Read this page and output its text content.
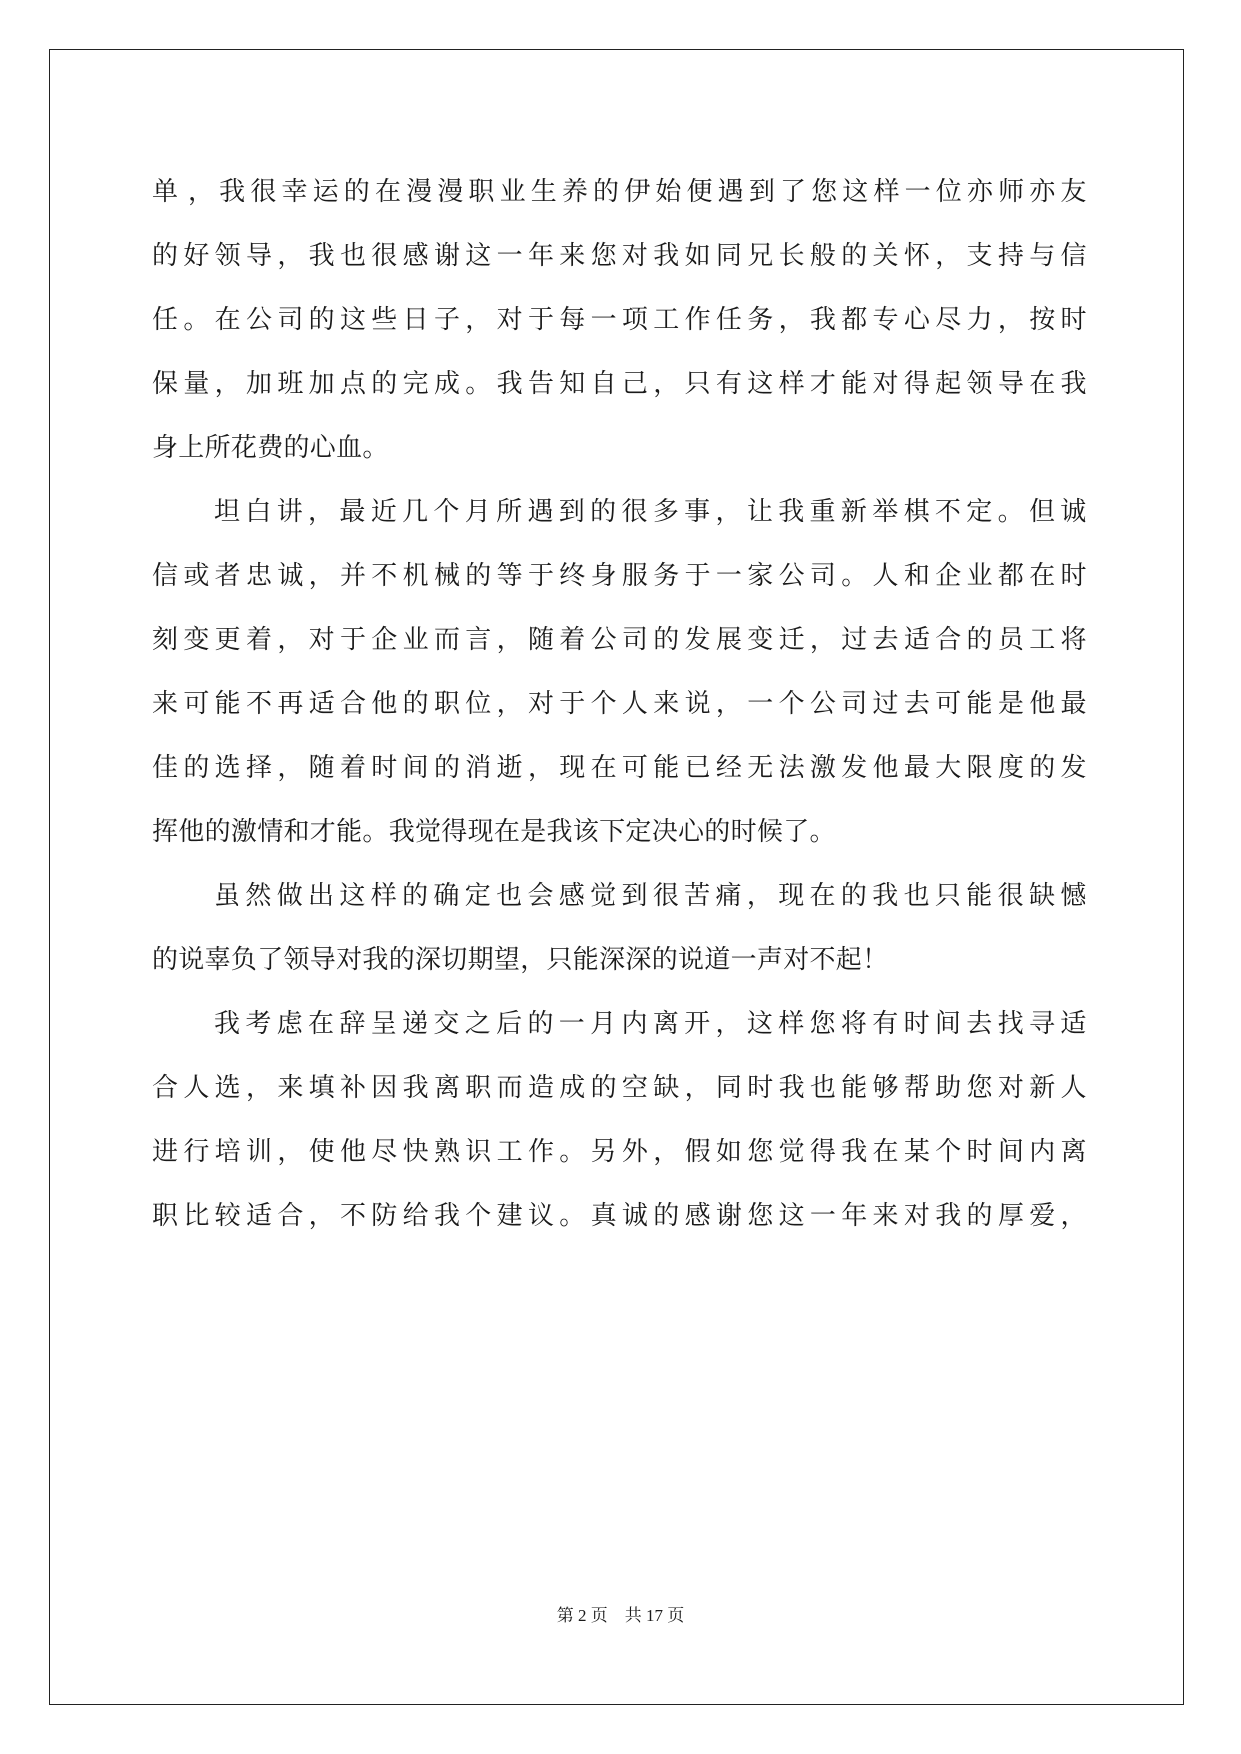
单 ， 我 很 幸 运 的 在 漫 漫 职 业 生 养 的 伊 始 便 遇 到 了 您 这 样 一 位 亦 师 亦 友
的 好 领 导 ， 我 也 很 感 谢 这 一 年 来 您 对 我 如 同 兄 长 般 的 关 怀 ， 支 持 与 信
任 。 在 公 司 的 这 些 日 子 ， 对 于 每 一 项 工 作 任 务 ， 我 都 专 心 尽 力 ， 按 时
保 量 ， 加 班 加 点 的 完 成 。 我 告 知 自 己 ， 只 有 这 样 才 能 对 得 起 领 导 在 我
身上所花费的心血。
坦 白 讲 ， 最 近 几 个 月 所 遇 到 的 很 多 事 ， 让 我 重 新 举 棋 不 定 。 但 诚
信 或 者 忠 诚 ， 并 不 机 械 的 等 于 终 身 服 务 于 一 家 公 司 。 人 和 企 业 都 在 时
刻 变 更 着 ， 对 于 企 业 而 言 ， 随 着 公 司 的 发 展 变 迁 ， 过 去 适 合 的 员 工 将
来 可 能 不 再 适 合 他 的 职 位 ， 对 于 个 人 来 说 ， 一 个 公 司 过 去 可 能 是 他 最
佳 的 选 择 ， 随 着 时 间 的 消 逝 ， 现 在 可 能 已 经 无 法 激 发 他 最 大 限 度 的 发
挥他的激情和才能。我觉得现在是我该下定决心的时候了。
虽 然 做 出 这 样 的 确 定 也 会 感 觉 到 很 苦 痛 ， 现 在 的 我 也 只 能 很 缺 憾
的说辜负了领导对我的深切期望，只能深深的说道一声对不起！
我 考 虑 在 辞 呈 递 交 之 后 的 一 月 内 离 开 ， 这 样 您 将 有 时 间 去 找 寻 适
合 人 选 ， 来 填 补 因 我 离 职 而 造 成 的 空 缺 ， 同 时 我 也 能 够 帮 助 您 对 新 人
进 行 培 训 ， 使 他 尽 快 熟 识 工 作 。 另 外 ， 假 如 您 觉 得 我 在 某 个 时 间 内 离
职 比 较 适 合 ， 不 防 给 我 个 建 议 。 真 诚 的 感 谢 您 这 一 年 来 对 我 的 厚 爱 ，
第 2 页    共 17 页
